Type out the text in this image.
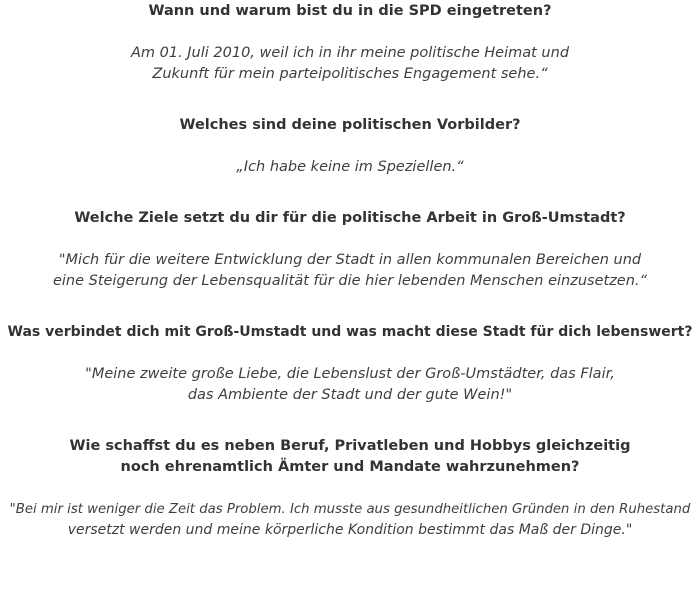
Wann und warum bist du in die SPD eingetreten?

Am 01. Juli 2010, weil ich in ihr meine politische Heimat und
Zukunft für mein parteipolitisches Engagement sehe.“

Welches sind deine politischen Vorbilder?

„Ich habe keine im Speziellen.“

Welche Ziele setzt du dir für die politische Arbeit in Groß-Umstadt?

"Mich für die weitere Entwicklung der Stadt in allen kommunalen Bereichen und
eine Steigerung der Lebensqualität für die hier lebenden Menschen einzusetzen.“

Was verbindet dich mit Groß-Umstadt und was macht diese Stadt für dich lebenswert?

"Meine zweite große Liebe, die Lebenslust der Groß-Umstädter, das Flair,
das Ambiente der Stadt und der gute Wein!"

Wie schaffst du es neben Beruf, Privatleben und Hobbys gleichzeitig
noch ehrenamtlich Ämter und Mandate wahrzunehmen?

"Bei mir ist weniger die Zeit das Problem. Ich musste aus gesundheitlichen Gründen in den Ruhestand
versetzt werden und meine körperliche Kondition bestimmt das Maß der Dinge."
